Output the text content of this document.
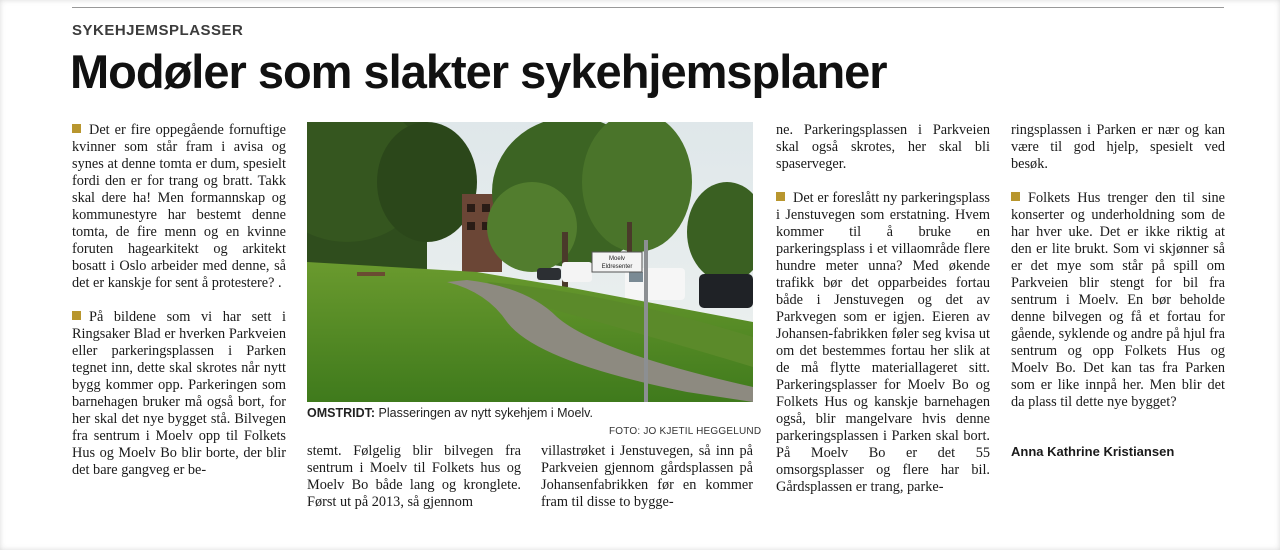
SYKEHJEMSPLASSER
Modøler som slakter sykehjemsplaner

Det er fire oppegående fornuftige kvinner som står fram i avisa og synes at denne tomta er dum, spesielt fordi den er for trang og bratt. Takk skal dere ha! Men formannskap og kommunestyre har bestemt denne tomta, de fire menn og en kvinne foruten hagearkitekt og arkitekt bosatt i Oslo arbeider med denne, så det er kanskje for sent å protestere? .

På bildene som vi har sett i Ringsaker Blad er hverken Parkveien eller parkeringsplassen i Parken tegnet inn, dette skal skrotes når nytt bygg kommer opp. Parkeringen som barnehagen bruker må også bort, for her skal det nye bygget stå. Bilvegen fra sentrum i Moelv opp til Folkets Hus og Moelv Bo blir borte, der blir det bare gangveg er be-

Moelv
Eldresenter
OMSTRIDT: Plasseringen av nytt sykehjem i Moelv.
FOTO: JO KJETIL HEGGELUND

stemt. Følgelig blir bilvegen fra sentrum i Moelv til Folkets hus og Moelv Bo både lang og kronglete. Først ut på 2013, så gjennom

villastrøket i Jenstuvegen, så inn på Parkveien gjennom gårdsplassen på Johansenfabrikken før en kommer fram til disse to bygge-

ne. Parkeringsplassen i Parkveien skal også skrotes, her skal bli spaserveger.

Det er foreslått ny parkeringsplass i Jenstuvegen som erstatning. Hvem kommer til å bruke en parkeringsplass i et villaområde flere hundre meter unna? Med økende trafikk bør det opparbeides fortau både i Jenstuvegen og det av Parkvegen som er igjen. Eieren av Johansen-fabrikken føler seg kvisa ut om det bestemmes fortau her slik at de må flytte materiallageret sitt. Parkeringsplasser for Moelv Bo og Folkets Hus og kanskje barnehagen også, blir mangelvare hvis denne parkeringsplassen i Parken skal bort. På Moelv Bo er det 55 omsorgsplasser og flere har bil. Gårdsplassen er trang, parke-

ringsplassen i Parken er nær og kan være til god hjelp, spesielt ved besøk.

Folkets Hus trenger den til sine konserter og underholdning som de har hver uke. Det er ikke riktig at den er lite brukt. Som vi skjønner så er det mye som står på spill om Parkveien blir stengt for bil fra sentrum i Moelv. En bør beholde denne bilvegen og få et fortau for gående, syklende og andre på hjul fra sentrum og opp Folkets Hus og Moelv Bo. Det kan tas fra Parken som er like innpå her. Men blir det da plass til dette nye bygget?

Anna Kathrine Kristiansen
